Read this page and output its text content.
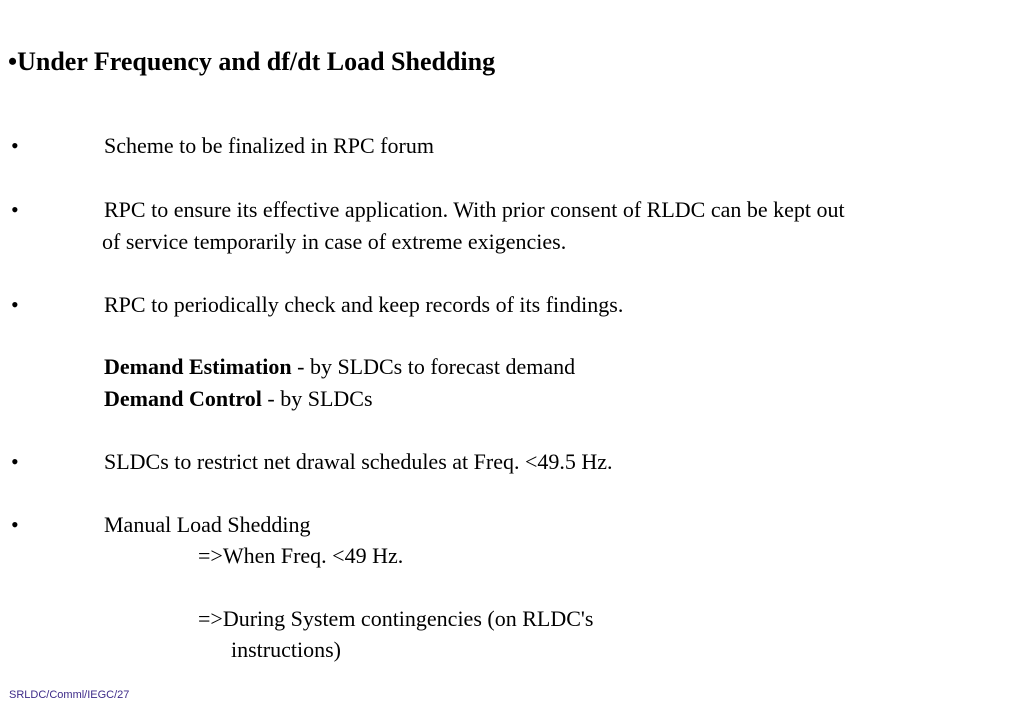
•Under Frequency and df/dt Load Shedding
•	Scheme to be finalized in RPC forum
•	RPC to ensure its effective application. With prior consent of RLDC can be kept out
of service temporarily in case of extreme exigencies.
•	RPC to periodically check and keep records of its findings.
Demand Estimation - by SLDCs to forecast demand
Demand Control - by SLDCs
•	SLDCs to restrict net drawal schedules at Freq. <49.5 Hz.
•	Manual Load Shedding
=>When Freq. <49 Hz.
=>During System contingencies (on RLDC's
instructions)
SRLDC/Comml/IEGC/27
